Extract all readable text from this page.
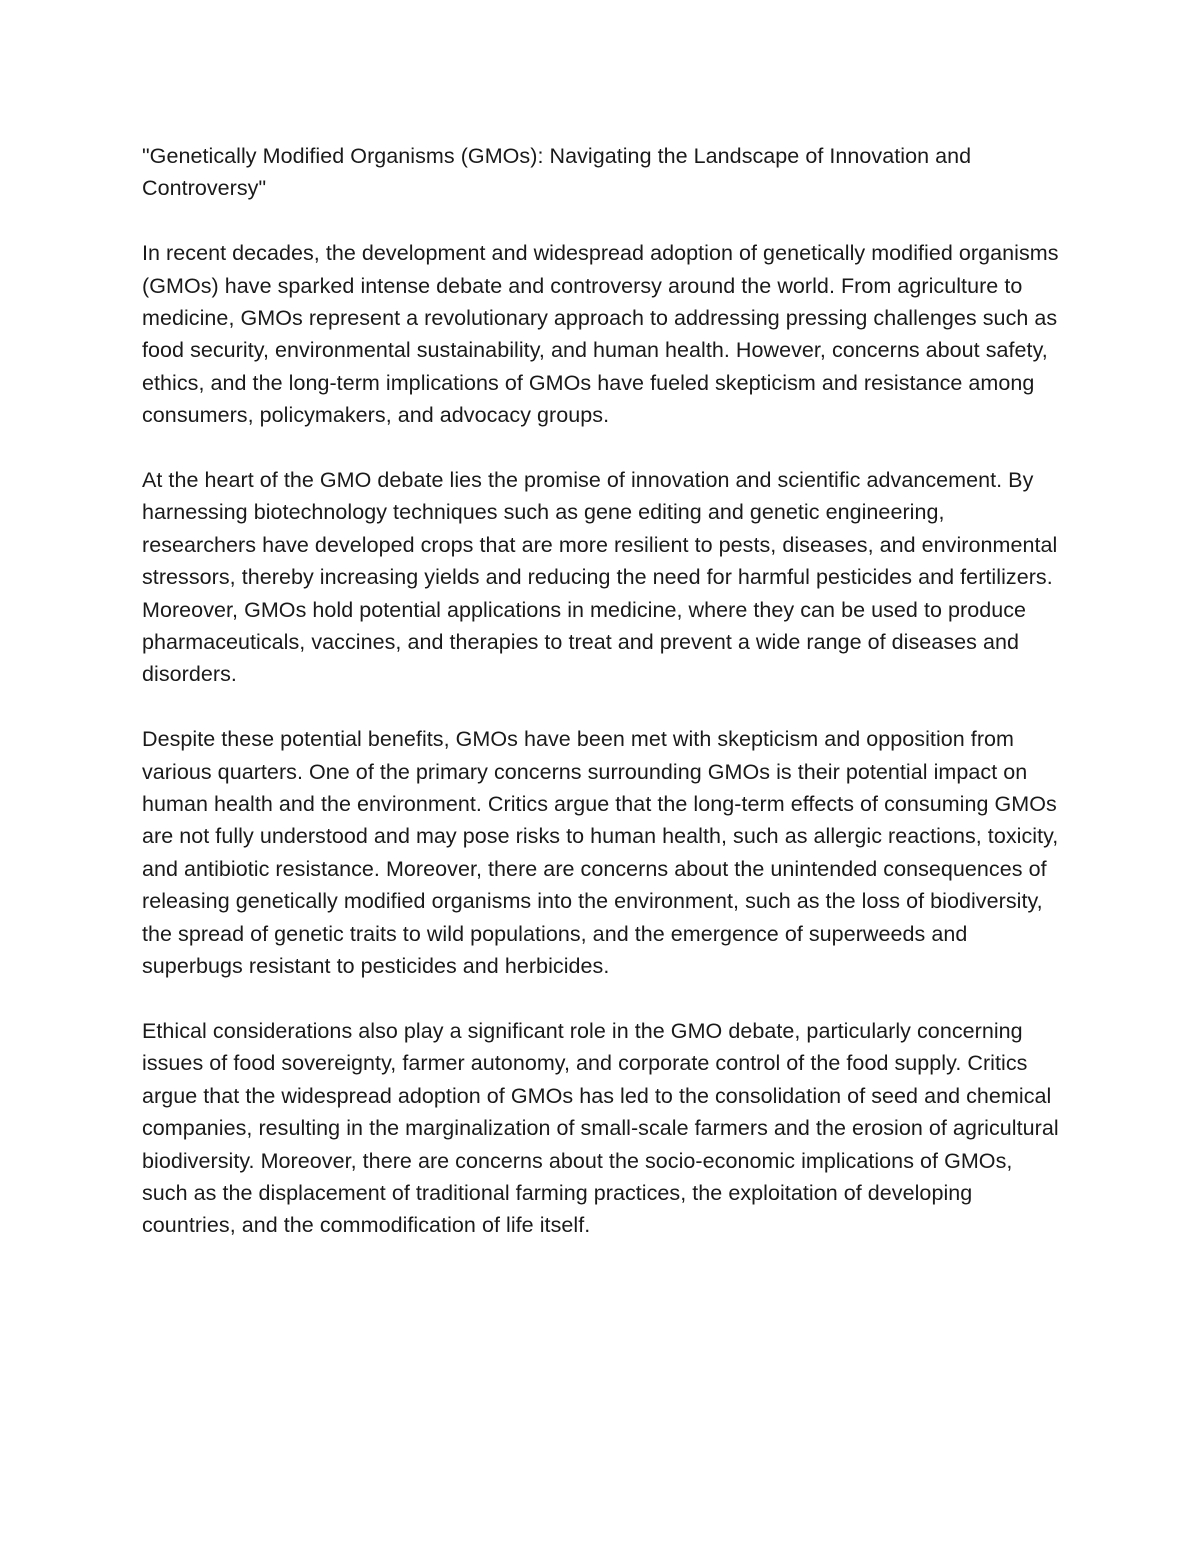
"Genetically Modified Organisms (GMOs): Navigating the Landscape of Innovation and Controversy"

In recent decades, the development and widespread adoption of genetically modified organisms (GMOs) have sparked intense debate and controversy around the world. From agriculture to medicine, GMOs represent a revolutionary approach to addressing pressing challenges such as food security, environmental sustainability, and human health. However, concerns about safety, ethics, and the long-term implications of GMOs have fueled skepticism and resistance among consumers, policymakers, and advocacy groups.

At the heart of the GMO debate lies the promise of innovation and scientific advancement. By harnessing biotechnology techniques such as gene editing and genetic engineering, researchers have developed crops that are more resilient to pests, diseases, and environmental stressors, thereby increasing yields and reducing the need for harmful pesticides and fertilizers. Moreover, GMOs hold potential applications in medicine, where they can be used to produce pharmaceuticals, vaccines, and therapies to treat and prevent a wide range of diseases and disorders.

Despite these potential benefits, GMOs have been met with skepticism and opposition from various quarters. One of the primary concerns surrounding GMOs is their potential impact on human health and the environment. Critics argue that the long-term effects of consuming GMOs are not fully understood and may pose risks to human health, such as allergic reactions, toxicity, and antibiotic resistance. Moreover, there are concerns about the unintended consequences of releasing genetically modified organisms into the environment, such as the loss of biodiversity, the spread of genetic traits to wild populations, and the emergence of superweeds and superbugs resistant to pesticides and herbicides.

Ethical considerations also play a significant role in the GMO debate, particularly concerning issues of food sovereignty, farmer autonomy, and corporate control of the food supply. Critics argue that the widespread adoption of GMOs has led to the consolidation of seed and chemical companies, resulting in the marginalization of small-scale farmers and the erosion of agricultural biodiversity. Moreover, there are concerns about the socio-economic implications of GMOs, such as the displacement of traditional farming practices, the exploitation of developing countries, and the commodification of life itself.
